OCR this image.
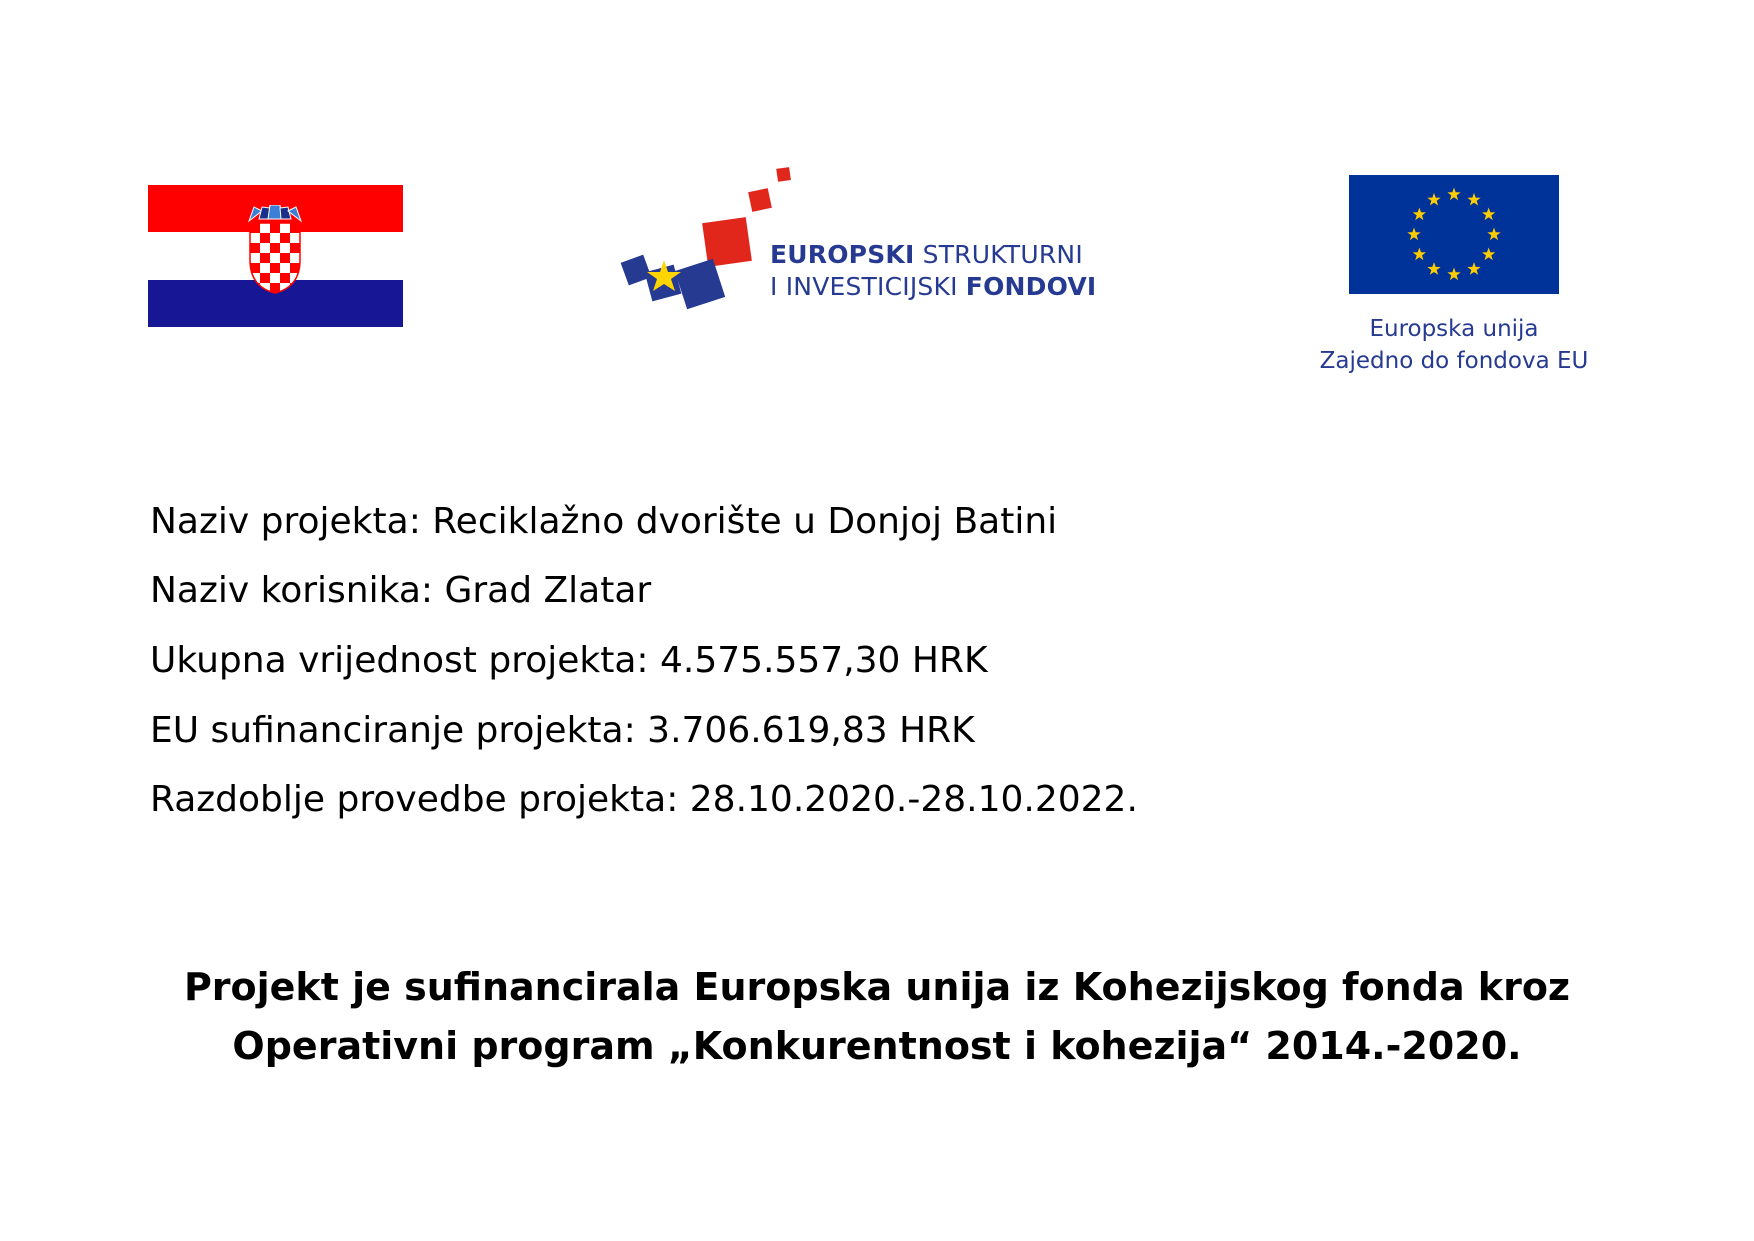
EUROPSKI STRUKTURNI
I INVESTICIJSKI FONDOVI
Europska unija
Zajedno do fondova EU
Naziv projekta: Reciklažno dvorište u Donjoj Batini
Naziv korisnika: Grad Zlatar
Ukupna vrijednost projekta: 4.575.557,30 HRK
EU sufinanciranje projekta: 3.706.619,83 HRK
Razdoblje provedbe projekta: 28.10.2020.-28.10.2022.
Projekt je sufinancirala Europska unija iz Kohezijskog fonda kroz
Operativni program „Konkurentnost i kohezija“ 2014.-2020.
